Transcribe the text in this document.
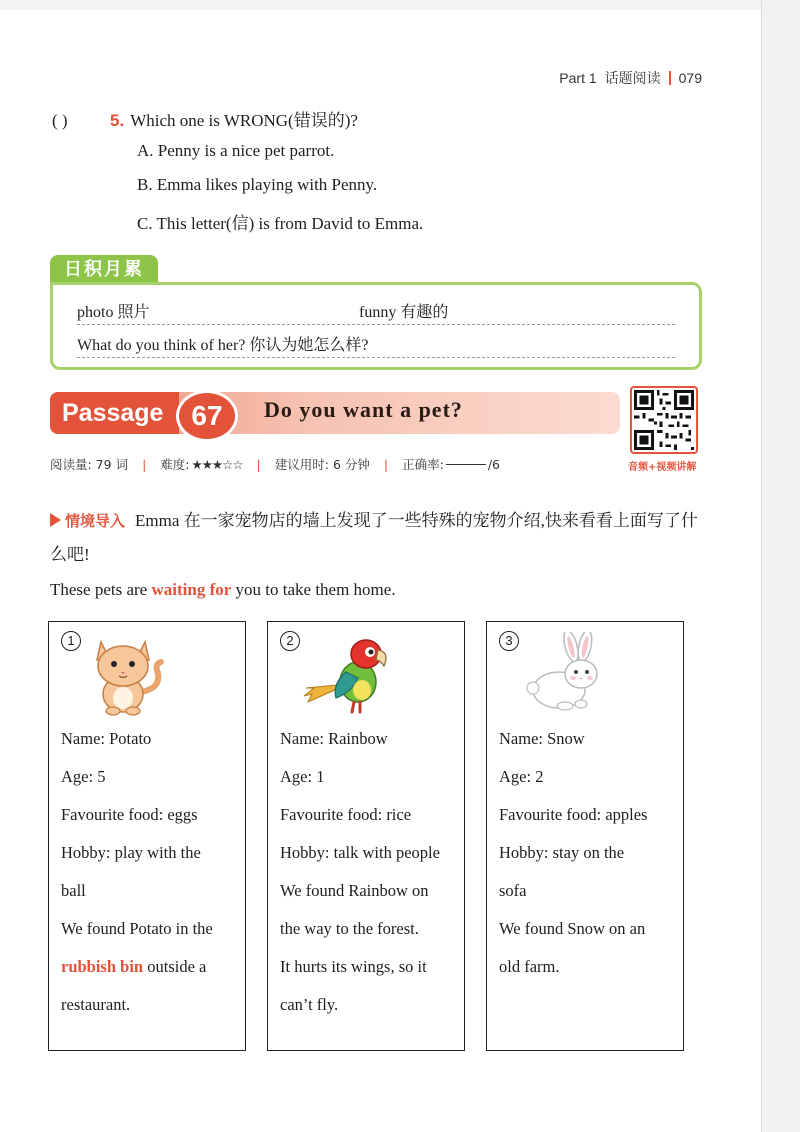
Part 1 话题阅读 079
( ) 5. Which one is WRONG(错误的)?
A. Penny is a nice pet parrot.
B. Emma likes playing with Penny.
C. This letter(信) is from David to Emma.
日积月累
photo 照片	funny 有趣的
What do you think of her? 你认为她怎么样?
Passage 67	Do you want a pet?
音频+视频讲解
阅读量: 79 词 | 难度: ★★★☆☆ | 建议用时: 6 分钟 | 正确率:	/6
情境导入 Emma 在一家宠物店的墙上发现了一些特殊的宠物介绍,快来看看上面写了什么吧!
These pets are waiting for you to take them home.
1
Name: Potato
Age: 5
Favourite food: eggs
Hobby: play with the
ball
We found Potato in the
rubbish bin outside a
restaurant.
2
Name: Rainbow
Age: 1
Favourite food: rice
Hobby: talk with people
We found Rainbow on
the way to the forest.
It hurts its wings, so it
can’t fly.
3
Name: Snow
Age: 2
Favourite food: apples
Hobby: stay on the
sofa
We found Snow on an
old farm.
